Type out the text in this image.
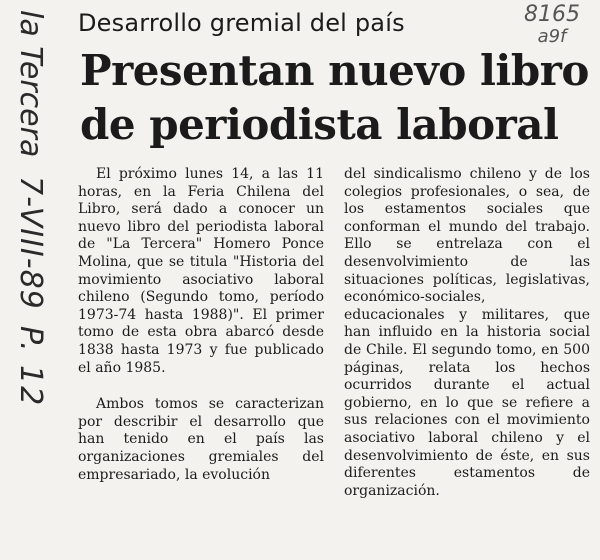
la Tercera
7-VIII-89
P. 12
8165
a9f
Desarrollo gremial del país
Presentan nuevo libro
de periodista laboral

El próximo lunes 14, a las 11 horas, en la Feria Chilena del Libro, será dado a conocer un nuevo libro del periodista laboral de "La Tercera" Homero Ponce Molina, que se titula "Historia del movimiento asociativo laboral chileno (Segundo tomo, período 1973-74 hasta 1988)". El primer tomo de esta obra abarcó desde 1838 hasta 1973 y fue publicado el año 1985.

Ambos tomos se caracterizan por describir el desarrollo que han tenido en el país las organizaciones gremiales del empresariado, la evolución

del sindicalismo chileno y de los colegios profesionales, o sea, de los estamentos sociales que conforman el mundo del trabajo. Ello se entrelaza con el desenvolvimiento de las situaciones políticas, legislativas, económico-sociales, educacionales y militares, que han influido en la historia social de Chile. El segundo tomo, en 500 páginas, relata los hechos ocurridos durante el actual gobierno, en lo que se refiere a sus relaciones con el movimiento asociativo laboral chileno y el desenvolvimiento de éste, en sus diferentes estamentos de organización.
